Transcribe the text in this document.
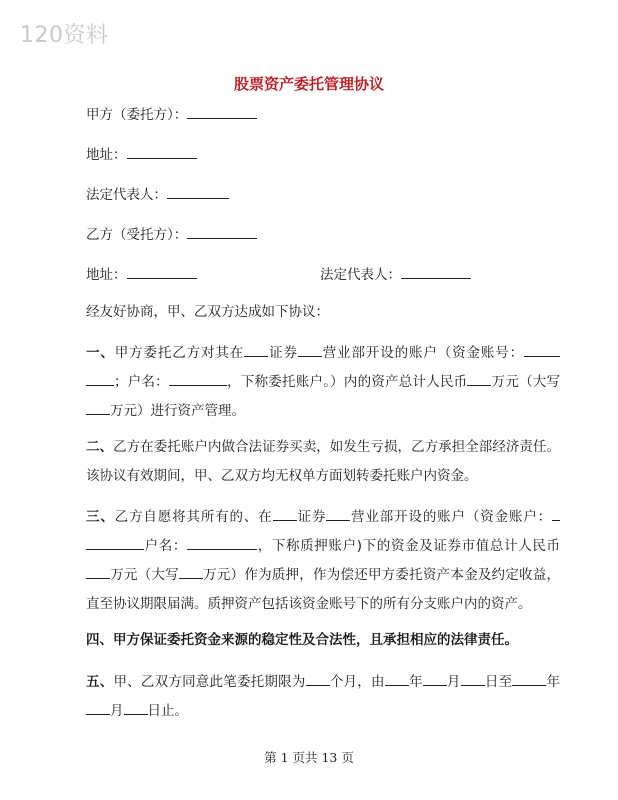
120资料
股票资产委托管理协议
甲方（委托方）：
地址：
法定代表人：
乙方（受托方）：
地址：	法定代表人：
经友好协商，甲、乙双方达成如下协议：
一、甲方委托乙方对其在 证券 营业部开设的账户（资金账号：；户名：	，下称委托账户。）内的资产总计人民币 万元（大写万元）进行资产管理。
二、乙方在委托账户内做合法证券买卖，如发生亏损，乙方承担全部经济责任。该协议有效期间，甲、乙双方均无权单方面划转委托账户内资金。
三、乙方自愿将其所有的、在 证券 营业部开设的账户（资金账户：户名：	，下称质押账户)下的资金及证券市值总计人民币万元（大写 万元）作为质押，作为偿还甲方委托资产本金及约定收益，直至协议期限届满。质押资产包括该资金账号下的所有分支账户内的资产。
四、甲方保证委托资金来源的稳定性及合法性，且承担相应的法律责任。
五、甲、乙双方同意此笔委托期限为 个月，由 年 月 日至	年月 日止。
第 1 页共 13 页
